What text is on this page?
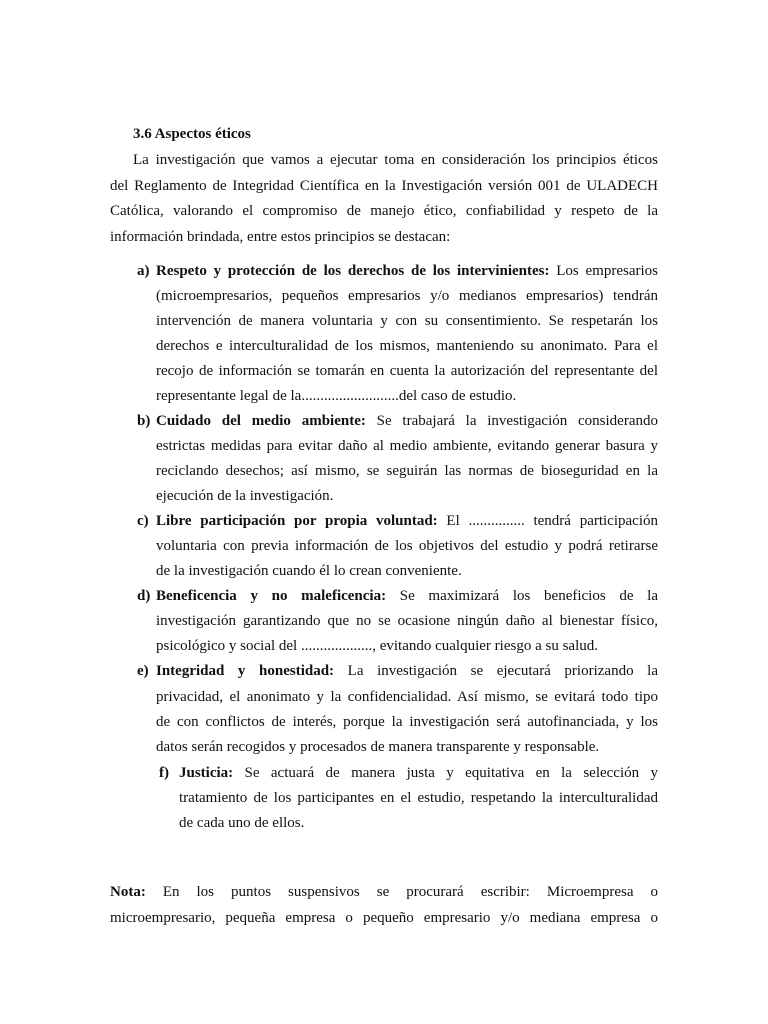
3.6 Aspectos éticos
La investigación que vamos a ejecutar toma en consideración los principios éticos
del Reglamento de Integridad Científica en la Investigación versión 001 de ULADECH
Católica, valorando el compromiso de manejo ético, confiabilidad y respeto de la
información brindada, entre estos principios se destacan:
a) Respeto y protección de los derechos de los intervinientes: Los empresarios
(microempresarios, pequeños empresarios y/o medianos empresarios) tendrán
intervención de manera voluntaria y con su consentimiento. Se respetarán los
derechos e interculturalidad de los mismos, manteniendo su anonimato. Para el
recojo de información se tomarán en cuenta la autorización del representante del
representante legal de la..........................del caso de estudio.
b) Cuidado del medio ambiente: Se trabajará la investigación considerando
estrictas medidas para evitar daño al medio ambiente, evitando generar basura y
reciclando desechos; así mismo, se seguirán las normas de bioseguridad en la
ejecución de la investigación.
c) Libre participación por propia voluntad: El ............... tendrá participación
voluntaria con previa información de los objetivos del estudio y podrá retirarse
de la investigación cuando él lo crean conveniente.
d) Beneficencia y no maleficencia: Se maximizará los beneficios de la
investigación garantizando que no se ocasione ningún daño al bienestar físico,
psicológico y social del ..................., evitando cualquier riesgo a su salud.
e) Integridad y honestidad: La investigación se ejecutará priorizando la
privacidad, el anonimato y la confidencialidad. Así mismo, se evitará todo tipo
de con conflictos de interés, porque la investigación será autofinanciada, y los
datos serán recogidos y procesados de manera transparente y responsable.
f) Justicia: Se actuará de manera justa y equitativa en la selección y
tratamiento de los participantes en el estudio, respetando la interculturalidad
de cada uno de ellos.
Nota: En los puntos suspensivos se procurará escribir: Microempresa o
microempresario, pequeña empresa o pequeño empresario y/o mediana empresa o
